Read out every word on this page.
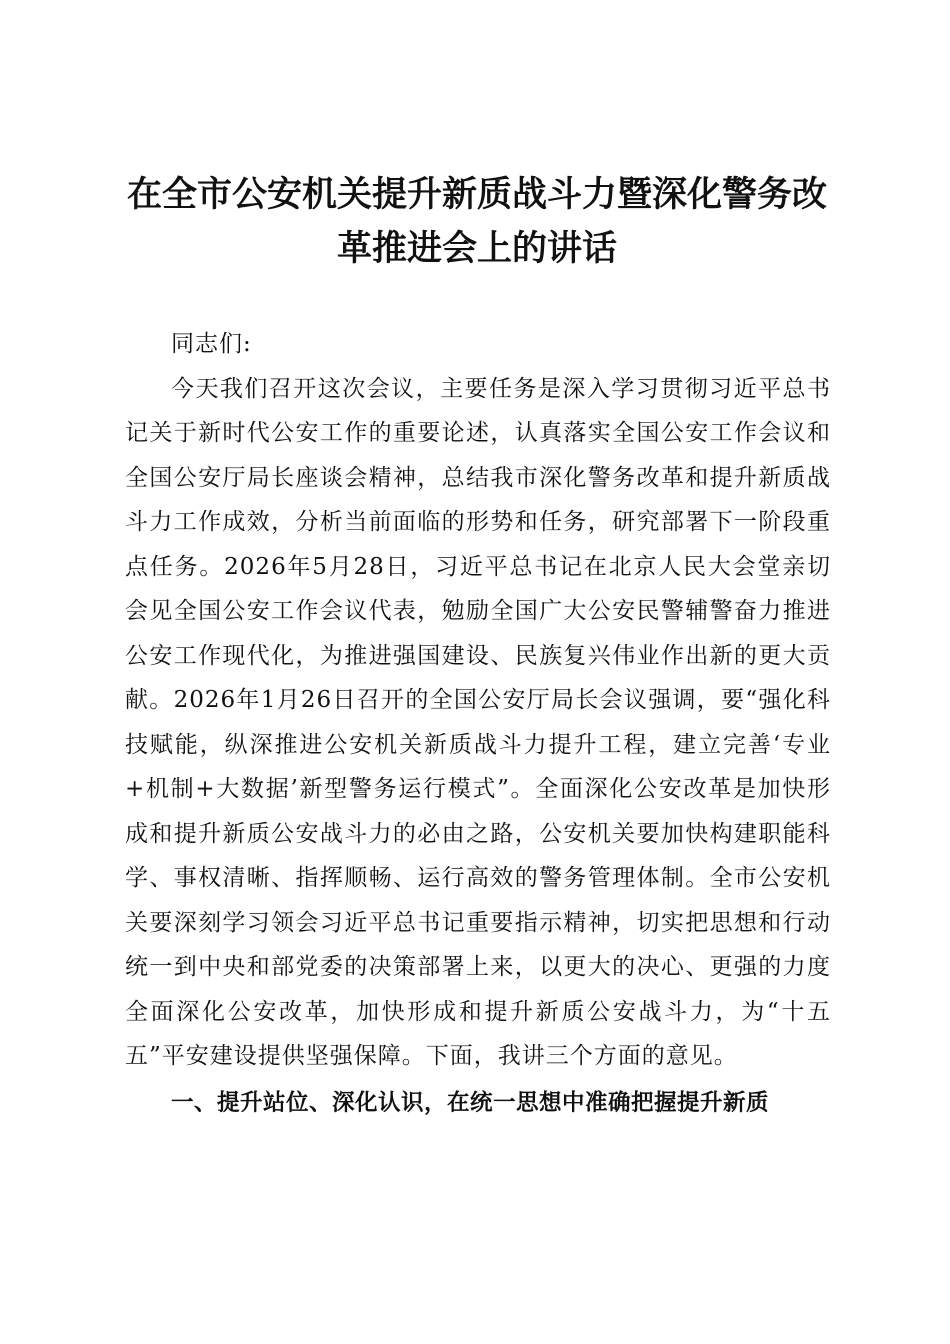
在全市公安机关提升新质战斗力暨深化警务改革推进会上的讲话

同志们:

今天我们召开这次会议，主要任务是深入学习贯彻习近平总书记关于新时代公安工作的重要论述，认真落实全国公安工作会议和全国公安厅局长座谈会精神，总结我市深化警务改革和提升新质战斗力工作成效，分析当前面临的形势和任务，研究部署下一阶段重点任务。2026年5月28日，习近平总书记在北京人民大会堂亲切会见全国公安工作会议代表，勉励全国广大公安民警辅警奋力推进公安工作现代化，为推进强国建设、民族复兴伟业作出新的更大贡献。2026年1月26日召开的全国公安厅局长会议强调，要“强化科技赋能，纵深推进公安机关新质战斗力提升工程，建立完善‘专业+机制+大数据’新型警务运行模式”。全面深化公安改革是加快形成和提升新质公安战斗力的必由之路，公安机关要加快构建职能科学、事权清晰、指挥顺畅、运行高效的警务管理体制。全市公安机关要深刻学习领会习近平总书记重要指示精神，切实把思想和行动统一到中央和部党委的决策部署上来，以更大的决心、更强的力度全面深化公安改革，加快形成和提升新质公安战斗力，为“十五五”平安建设提供坚强保障。下面，我讲三个方面的意见。

一、提升站位、深化认识，在统一思想中准确把握提升新质
